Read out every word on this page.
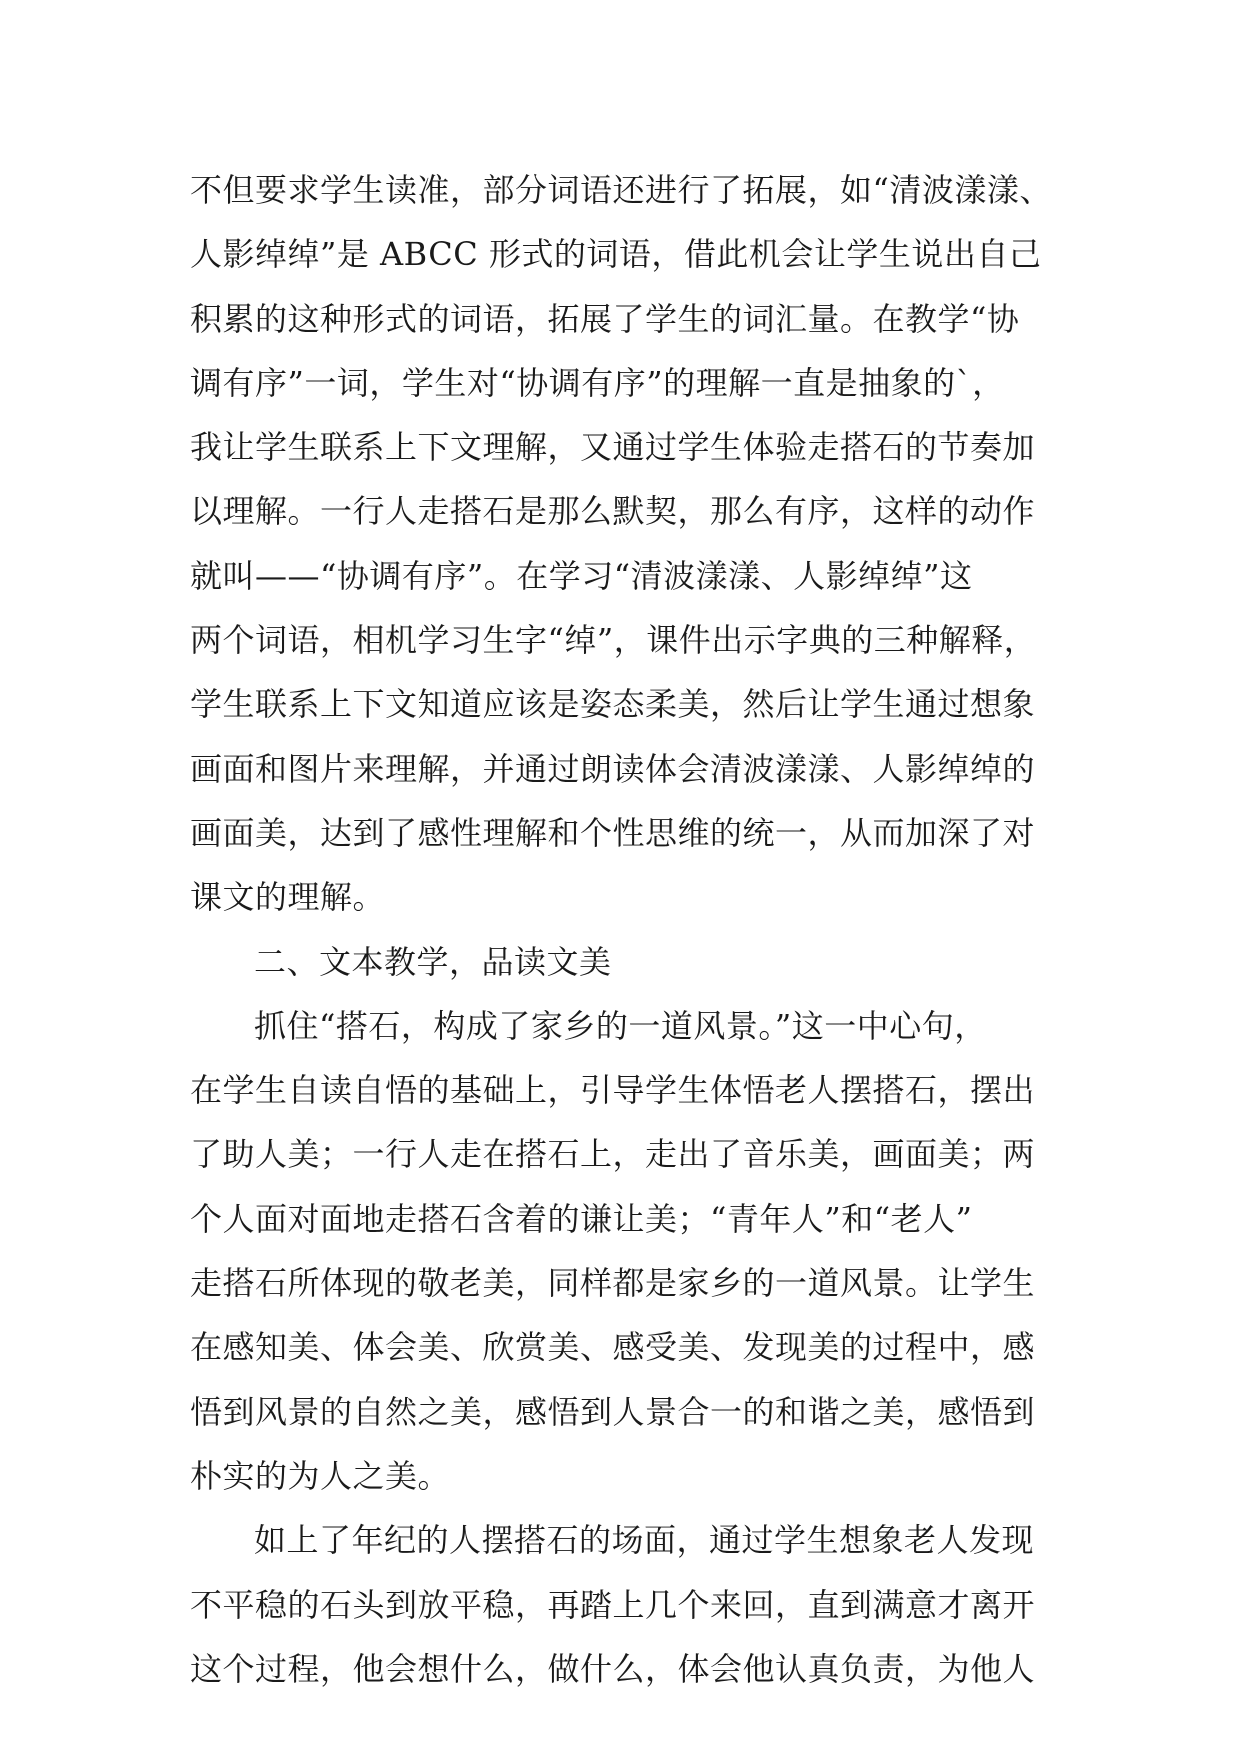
不但要求学生读准，部分词语还进行了拓展，如“清波漾漾、
人影绰绰”是 ABCC 形式的词语，借此机会让学生说出自己
积累的这种形式的词语，拓展了学生的词汇量。在教学“协
调有序”一词，学生对“协调有序”的理解一直是抽象的`，
我让学生联系上下文理解，又通过学生体验走搭石的节奏加
以理解。一行人走搭石是那么默契，那么有序，这样的动作
就叫——“协调有序”。在学习“清波漾漾、人影绰绰”这
两个词语，相机学习生字“绰”，课件出示字典的三种解释，
学生联系上下文知道应该是姿态柔美，然后让学生通过想象
画面和图片来理解，并通过朗读体会清波漾漾、人影绰绰的
画面美，达到了感性理解和个性思维的统一，从而加深了对
课文的理解。
二、文本教学，品读文美
抓住“搭石，构成了家乡的一道风景。”这一中心句，
在学生自读自悟的基础上，引导学生体悟老人摆搭石，摆出
了助人美；一行人走在搭石上，走出了音乐美，画面美；两
个人面对面地走搭石含着的谦让美；“青年人”和“老人”
走搭石所体现的敬老美，同样都是家乡的一道风景。让学生
在感知美、体会美、欣赏美、感受美、发现美的过程中，感
悟到风景的自然之美，感悟到人景合一的和谐之美，感悟到
朴实的为人之美。
如上了年纪的人摆搭石的场面，通过学生想象老人发现
不平稳的石头到放平稳，再踏上几个来回，直到满意才离开
这个过程，他会想什么，做什么，体会他认真负责，为他人
